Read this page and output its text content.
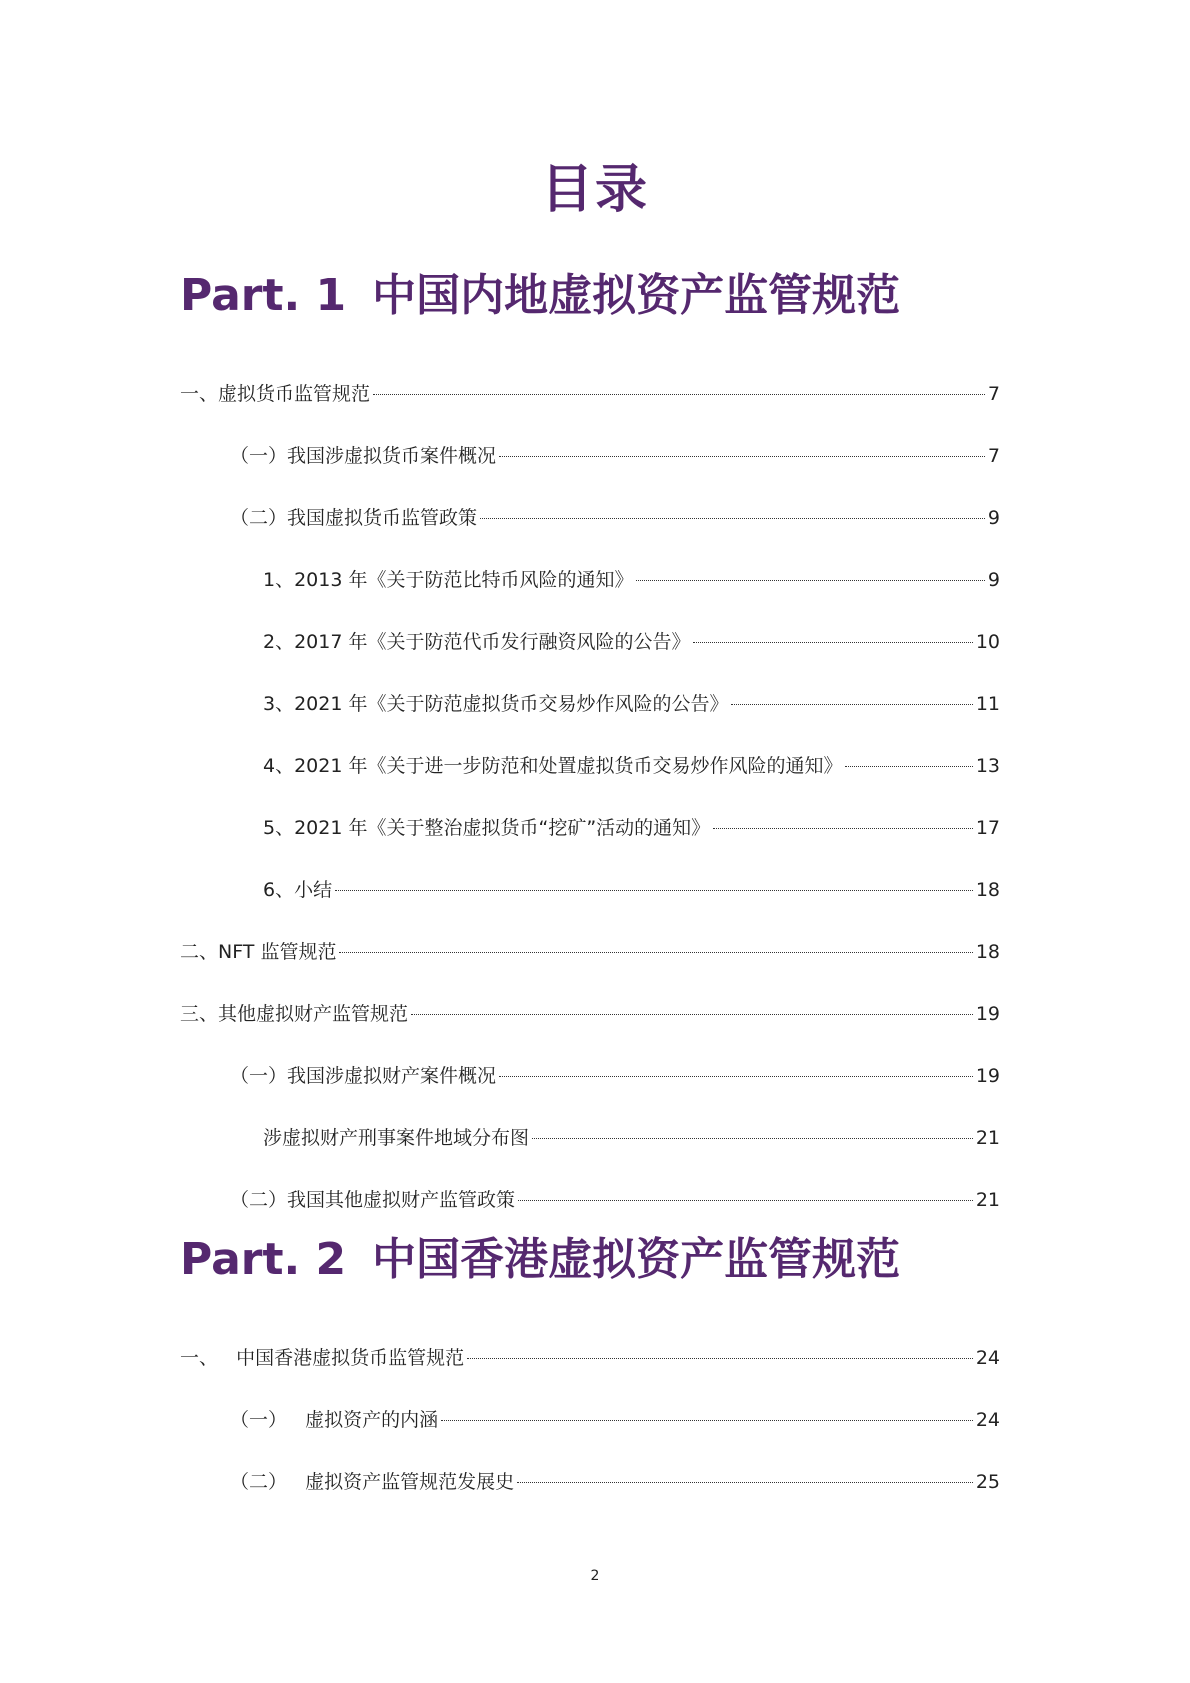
目录
Part. 1 中国内地虚拟资产监管规范
一、虚拟货币监管规范	7
（一）我国涉虚拟货币案件概况	7
（二）我国虚拟货币监管政策	9
1、2013 年《关于防范比特币风险的通知》	9
2、2017 年《关于防范代币发行融资风险的公告》	10
3、2021 年《关于防范虚拟货币交易炒作风险的公告》	11
4、2021 年《关于进一步防范和处置虚拟货币交易炒作风险的通知》	13
5、2021 年《关于整治虚拟货币“挖矿”活动的通知》	17
6、小结	18
二、NFT 监管规范	18
三、其他虚拟财产监管规范	19
（一）我国涉虚拟财产案件概况	19
涉虚拟财产刑事案件地域分布图	21
（二）我国其他虚拟财产监管政策	21
Part. 2 中国香港虚拟资产监管规范
一、   中国香港虚拟货币监管规范	24
（一）   虚拟资产的内涵	24
（二）   虚拟资产监管规范发展史	25
2
